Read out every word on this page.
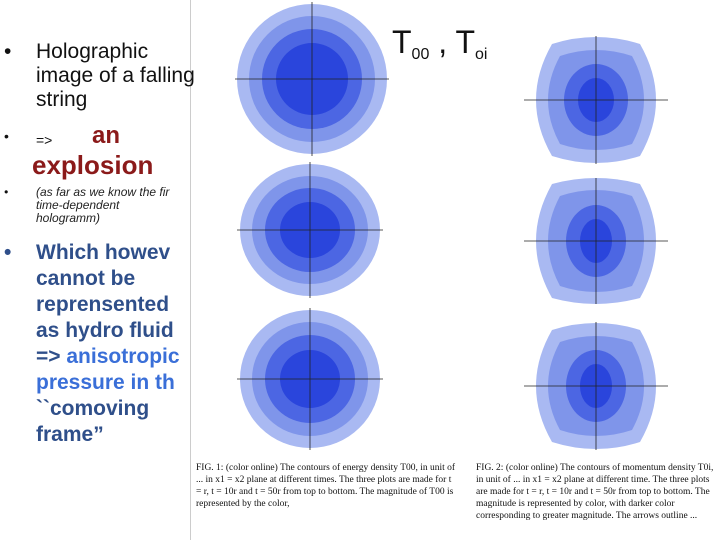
FIG. 1: (color online) The contours of energy density T00, in unit of ... in x1 = x2 plane at different times. The three plots are made for t = r, t = 10r and t = 50r from top to bottom. The magnitude of T00 is represented by the color,
FIG. 2: (color online) The contours of momentum density T0i, in unit of ... in x1 = x2 plane at different time. The three plots are made for t = r, t = 10r and t = 50r from top to bottom. The magnitude is represented by color, with darker color corresponding to greater magnitude. The arrows outline ...
T00 , Toi
• Holographic image of a falling string
• => an
explosion
• (as far as we know the fir
time-dependent
hologramm)
• Which howev
cannot be
reprensented
as hydro fluid
=> anisotropic
pressure in th
``comoving
frame”
